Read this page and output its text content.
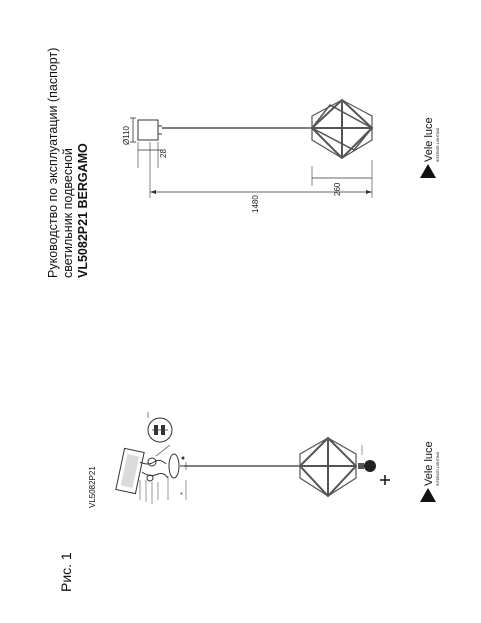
Руководство по эксплуатации (паспорт) светильник подвесной VL5082P21 BERGAMO
Рис. 1
VL5082P21
Ø110
28
260
1480
*
Vele luce INTERIOR LIGHTING
Vele luce INTERIOR LIGHTING
